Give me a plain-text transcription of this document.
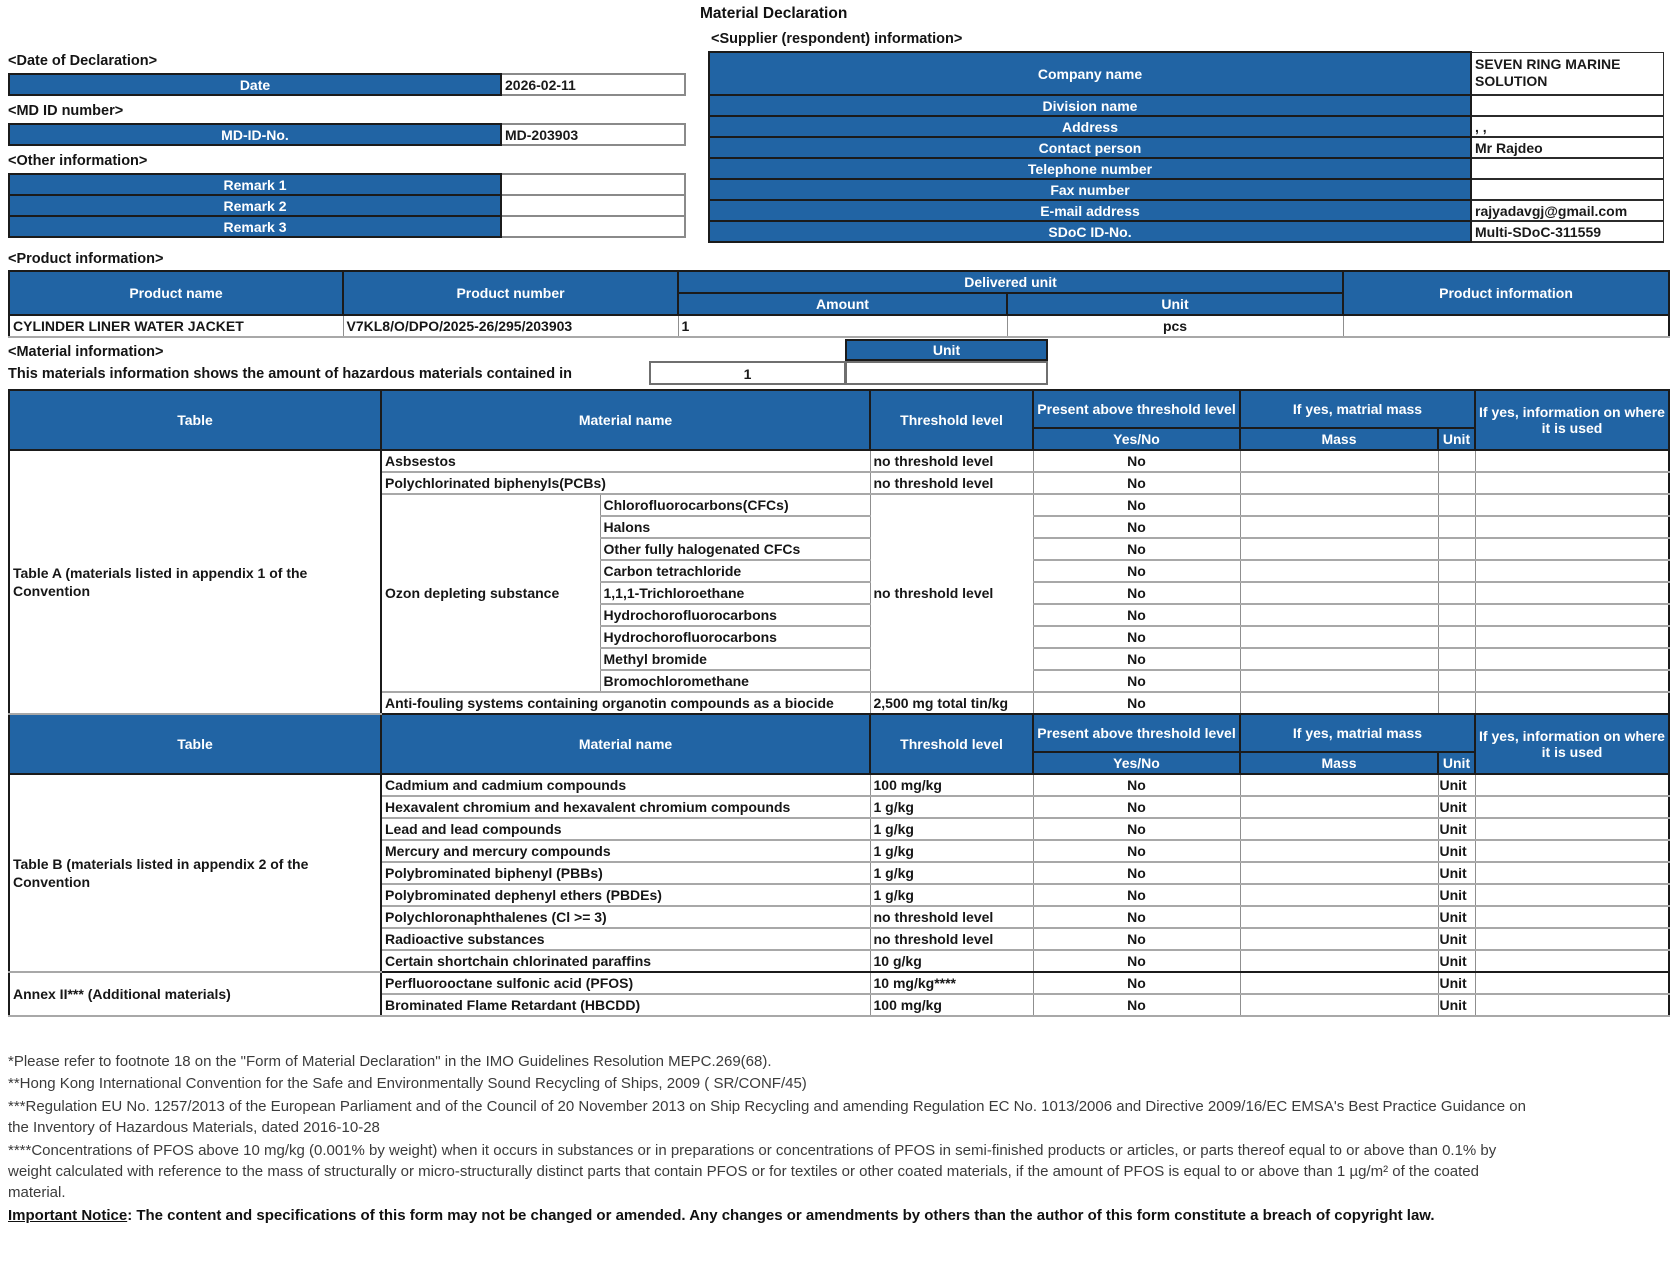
Material Declaration
<Supplier (respondent) information>
<Date of Declaration>
Date	2026-02-11
<MD ID number>
MD-ID-No.	MD-203903
<Other information>
Remark 1	
Remark 2	
Remark 3	
Company name	SEVEN RING MARINE SOLUTION
Division name	
Address	, ,
Contact person	Mr Rajdeo
Telephone number	
Fax number	
E-mail address	rajyadavgj@gmail.com
SDoC ID-No.	Multi-SDoC-311559
<Product information>
Product name	Product number	Delivered unit		Product information
		Amount	Unit	
CYLINDER LINER WATER JACKET	V7KL8/O/DPO/2025-26/295/203903	1	pcs	
<Material information>
This materials information shows the amount of hazardous materials contained in	1
Unit
Table	Material name		Threshold level	Present above threshold level	If yes, matrial mass		If yes, information on where it is used
				Yes/No	Mass	Unit	
Table A (materials listed in appendix 1 of the Convention	Asbsestos		no threshold level	No			
	Polychlorinated biphenyls(PCBs)		no threshold level	No			
	Ozon depleting substance	Chlorofluorocarbons(CFCs)	no threshold level	No			
		Halons		No			
		Other fully halogenated CFCs		No			
		Carbon tetrachloride		No			
		1,1,1-Trichloroethane		No			
		Hydrochorofluorocarbons		No			
		Hydrochorofluorocarbons		No			
		Methyl bromide		No			
		Bromochloromethane		No			
	Anti-fouling systems containing organotin compounds as a biocide		2,500 mg total tin/kg	No			
Table	Material name		Threshold level	Present above threshold level	If yes, matrial mass		If yes, information on where it is used
				Yes/No	Mass	Unit	
Table B (materials listed in appendix 2 of the Convention	Cadmium and cadmium compounds		100 mg/kg	No		Unit	
	Hexavalent chromium and hexavalent chromium compounds		1 g/kg	No		Unit	
	Lead and lead compounds		1 g/kg	No		Unit	
	Mercury and mercury compounds		1 g/kg	No		Unit	
	Polybrominated biphenyl (PBBs)		1 g/kg	No		Unit	
	Polybrominated dephenyl ethers (PBDEs)		1 g/kg	No		Unit	
	Polychloronaphthalenes (Cl >= 3)		no threshold level	No		Unit	
	Radioactive substances		no threshold level	No		Unit	
	Certain shortchain chlorinated paraffins		10 g/kg	No		Unit	
Annex II*** (Additional materials)	Perfluorooctane sulfonic acid (PFOS)		10 mg/kg****	No		Unit	
	Brominated Flame Retardant (HBCDD)		100 mg/kg	No		Unit	

*Please refer to footnote 18 on the "Form of Material Declaration" in the IMO Guidelines Resolution MEPC.269(68).

**Hong Kong International Convention for the Safe and Environmentally Sound Recycling of Ships, 2009 ( SR/CONF/45)

***Regulation EU No. 1257/2013 of the European Parliament and of the Council of 20 November 2013 on Ship Recycling and amending Regulation EC No. 1013/2006 and Directive 2009/16/EC EMSA's Best Practice Guidance on the Inventory of Hazardous Materials, dated 2016-10-28

****Concentrations of PFOS above 10 mg/kg (0.001% by weight) when it occurs in substances or in preparations or concentrations of PFOS in semi-finished products or articles, or parts thereof equal to or above than 0.1% by weight calculated with reference to the mass of structurally or micro-structurally distinct parts that contain PFOS or for textiles or other coated materials, if the amount of PFOS is equal to or above than 1 µg/m² of the coated material.

Important Notice: The content and specifications of this form may not be changed or amended. Any changes or amendments by others than the author of this form constitute a breach of copyright law.
